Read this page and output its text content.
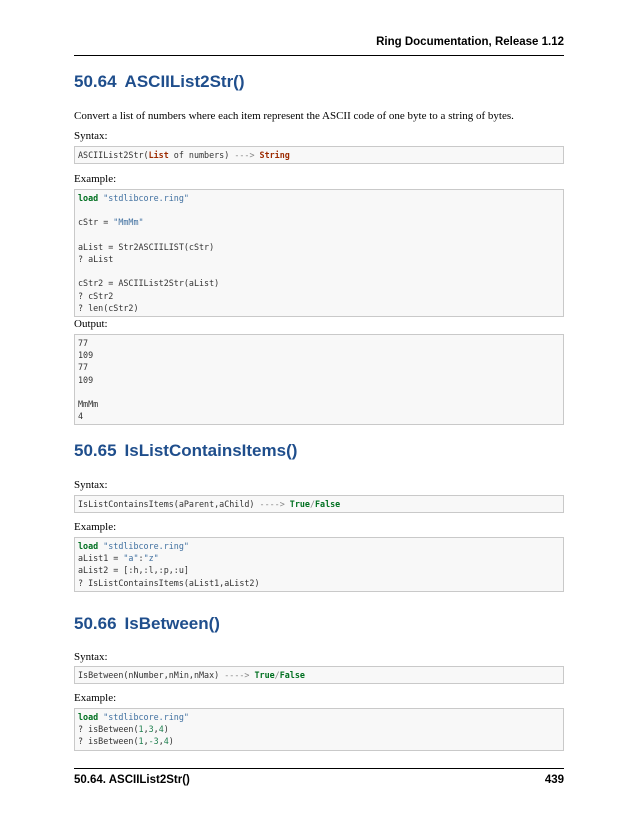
Ring Documentation, Release 1.12
50.64 ASCIIList2Str()

Convert a list of numbers where each item represent the ASCII code of one byte to a string of bytes.

Syntax:

ASCIIList2Str(List of numbers) ---> String

Example:

load "stdlibcore.ring"
cStr = "MmMm"
aList = Str2ASCIILIST(cStr)
? aList
cStr2 = ASCIIList2Str(aList)
? cStr2
? len(cStr2)

Output:

77
109
77
109
MmMm
4
50.65 IsListContainsItems()

Syntax:

IsListContainsItems(aParent,aChild) ----> True/False

Example:

load "stdlibcore.ring"
aList1 = "a":"z"
aList2 = [:h,:l,:p,:u]
? IsListContainsItems(aList1,aList2)
50.66 IsBetween()

Syntax:

IsBetween(nNumber,nMin,nMax) ----> True/False

Example:

load "stdlibcore.ring"
? isBetween(1,3,4)
? isBetween(1,-3,4)
50.64. ASCIIList2Str()	439
